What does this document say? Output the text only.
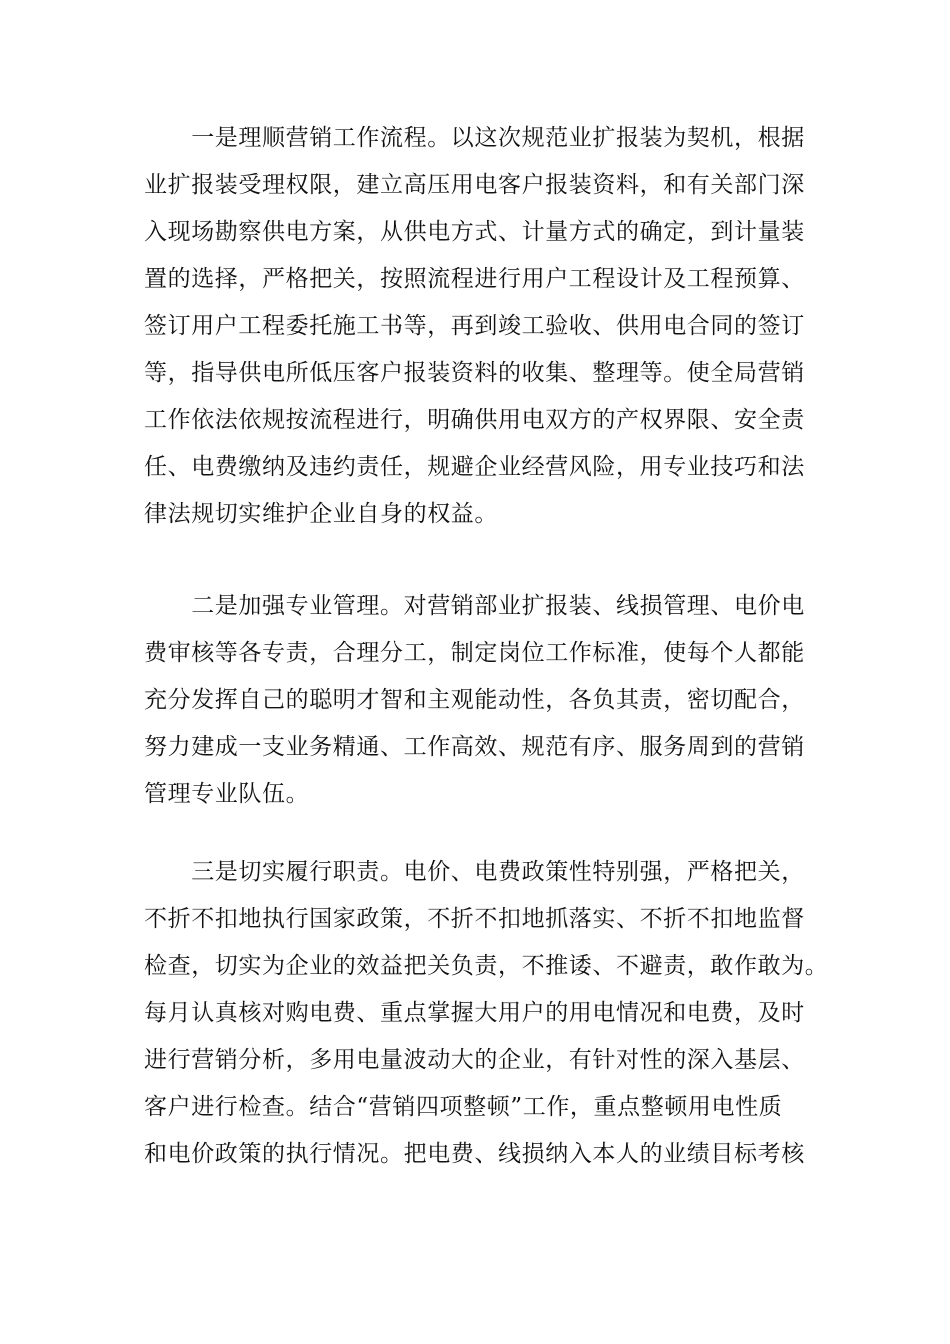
　　一是理顺营销工作流程。以这次规范业扩报装为契机，根据
业扩报装受理权限，建立高压用电客户报装资料，和有关部门深
入现场勘察供电方案，从供电方式、计量方式的确定，到计量装
置的选择，严格把关，按照流程进行用户工程设计及工程预算、
签订用户工程委托施工书等，再到竣工验收、供用电合同的签订
等，指导供电所低压客户报装资料的收集、整理等。使全局营销
工作依法依规按流程进行，明确供用电双方的产权界限、安全责
任、电费缴纳及违约责任，规避企业经营风险，用专业技巧和法
律法规切实维护企业自身的权益。
　　二是加强专业管理。对营销部业扩报装、线损管理、电价电
费审核等各专责，合理分工，制定岗位工作标准，使每个人都能
充分发挥自己的聪明才智和主观能动性，各负其责，密切配合，
努力建成一支业务精通、工作高效、规范有序、服务周到的营销
管理专业队伍。
　　三是切实履行职责。电价、电费政策性特别强，严格把关，
不折不扣地执行国家政策，不折不扣地抓落实、不折不扣地监督
检查，切实为企业的效益把关负责，不推诿、不避责，敢作敢为。
每月认真核对购电费、重点掌握大用户的用电情况和电费，及时
进行营销分析，多用电量波动大的企业，有针对性的深入基层、
客户进行检查。结合“营销四项整顿”工作，重点整顿用电性质
和电价政策的执行情况。把电费、线损纳入本人的业绩目标考核
